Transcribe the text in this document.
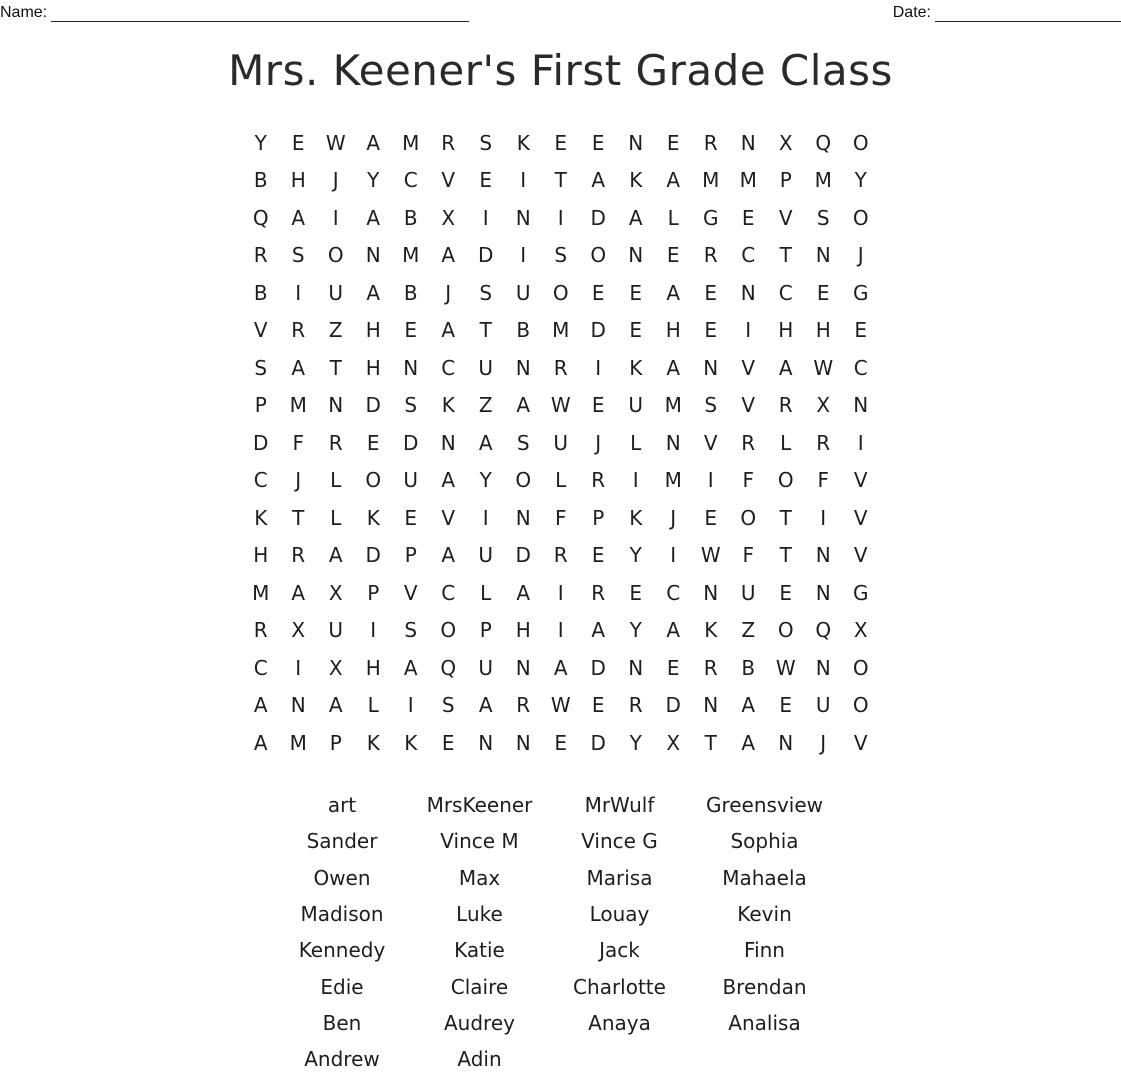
Name:	Date:
Mrs. Keener's First Grade Class
Y	E	W	A	M	R	S	K	E	E	N	E	R	N	X	Q	O
B	H	J	Y	C	V	E	I	T	A	K	A	M	M	P	M	Y
Q	A	I	A	B	X	I	N	I	D	A	L	G	E	V	S	O
R	S	O	N	M	A	D	I	S	O	N	E	R	C	T	N	J
B	I	U	A	B	J	S	U	O	E	E	A	E	N	C	E	G
V	R	Z	H	E	A	T	B	M	D	E	H	E	I	H	H	E
S	A	T	H	N	C	U	N	R	I	K	A	N	V	A	W	C
P	M	N	D	S	K	Z	A	W	E	U	M	S	V	R	X	N
D	F	R	E	D	N	A	S	U	J	L	N	V	R	L	R	I
C	J	L	O	U	A	Y	O	L	R	I	M	I	F	O	F	V
K	T	L	K	E	V	I	N	F	P	K	J	E	O	T	I	V
H	R	A	D	P	A	U	D	R	E	Y	I	W	F	T	N	V
M	A	X	P	V	C	L	A	I	R	E	C	N	U	E	N	G
R	X	U	I	S	O	P	H	I	A	Y	A	K	Z	O	Q	X
C	I	X	H	A	Q	U	N	A	D	N	E	R	B	W	N	O
A	N	A	L	I	S	A	R	W	E	R	D	N	A	E	U	O
A	M	P	K	K	E	N	N	E	D	Y	X	T	A	N	J	V
art	MrsKeener	MrWulf	Greensview
Sander	Vince M	Vince G	Sophia
Owen	Max	Marisa	Mahaela
Madison	Luke	Louay	Kevin
Kennedy	Katie	Jack	Finn
Edie	Claire	Charlotte	Brendan
Ben	Audrey	Anaya	Analisa
Andrew	Adin
